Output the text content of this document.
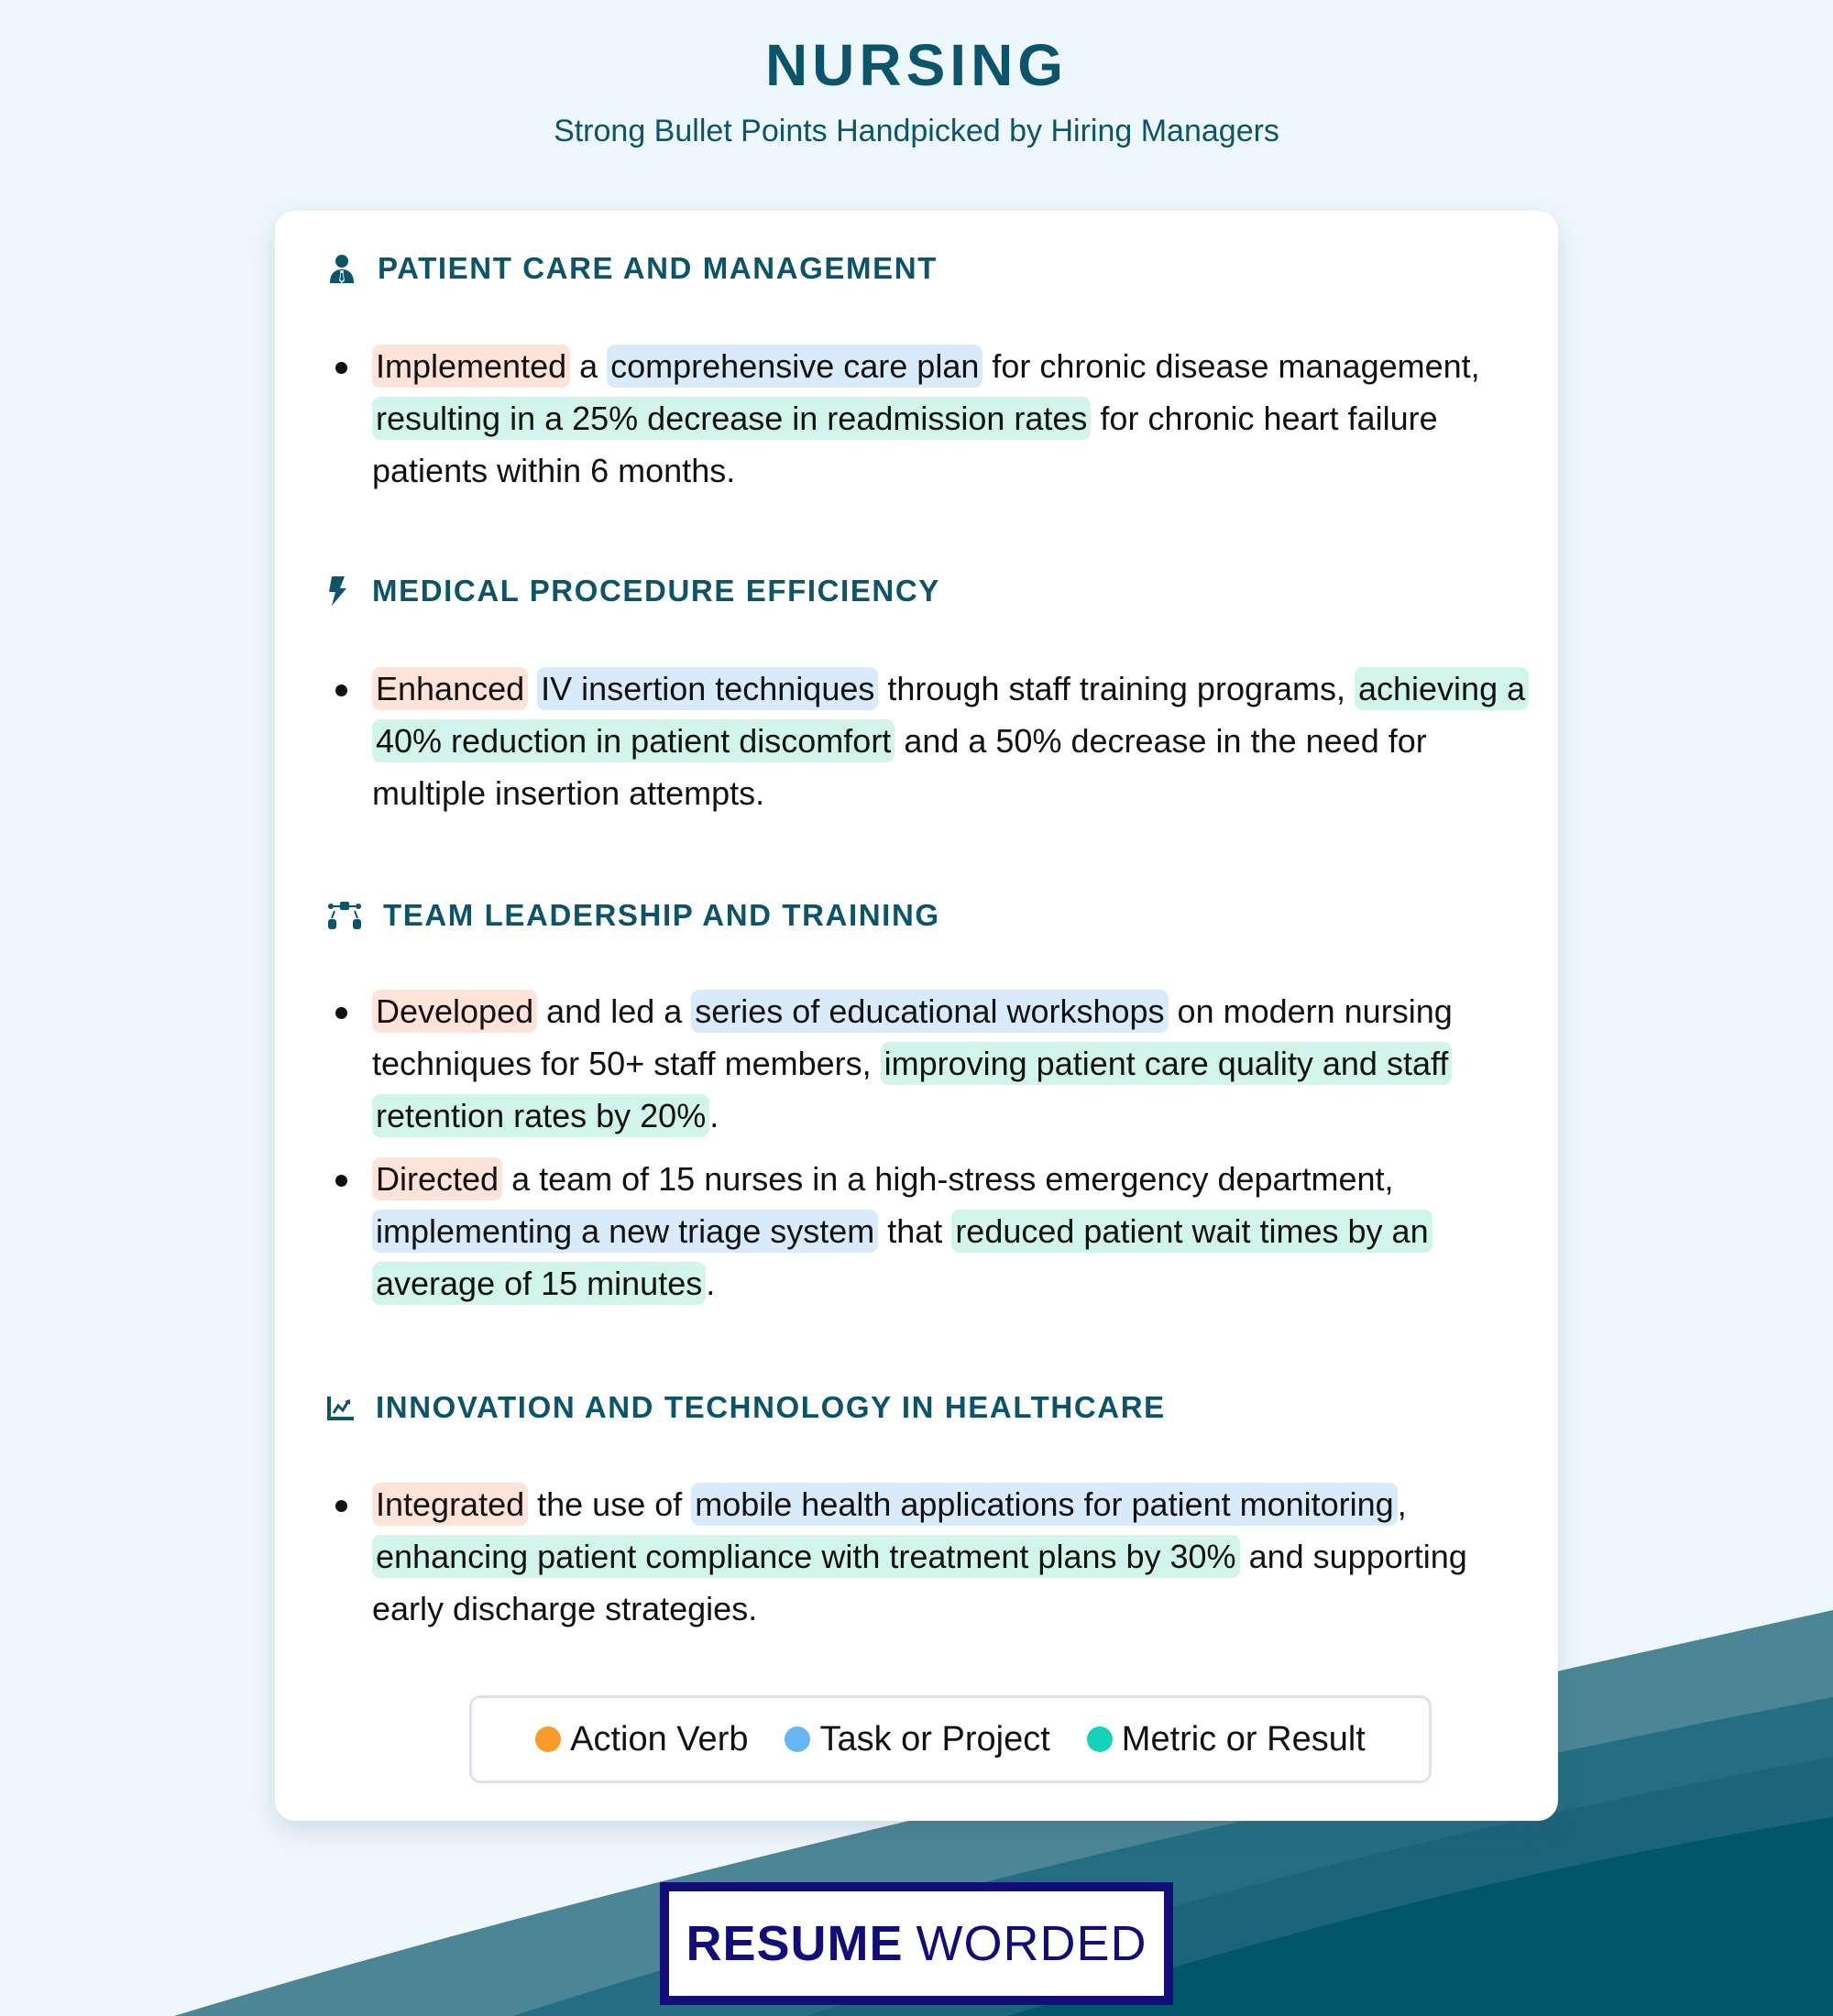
NURSING
Strong Bullet Points Handpicked by Hiring Managers
PATIENT CARE AND MANAGEMENT
Implemented a comprehensive care plan for chronic disease management, resulting in a 25% decrease in readmission rates for chronic heart failure patients within 6 months.
MEDICAL PROCEDURE EFFICIENCY
Enhanced IV insertion techniques through staff training programs, achieving a 40% reduction in patient discomfort and a 50% decrease in the need for multiple insertion attempts.
TEAM LEADERSHIP AND TRAINING
Developed and led a series of educational workshops on modern nursing techniques for 50+ staff members, improving patient care quality and staff retention rates by 20% .
Directed a team of 15 nurses in a high-stress emergency department, implementing a new triage system that reduced patient wait times by an average of 15 minutes .
INNOVATION AND TECHNOLOGY IN HEALTHCARE
Integrated the use of mobile health applications for patient monitoring , enhancing patient compliance with treatment plans by 30% and supporting early discharge strategies.
Action Verb Task or Project Metric or Result
RESUME WORDED
